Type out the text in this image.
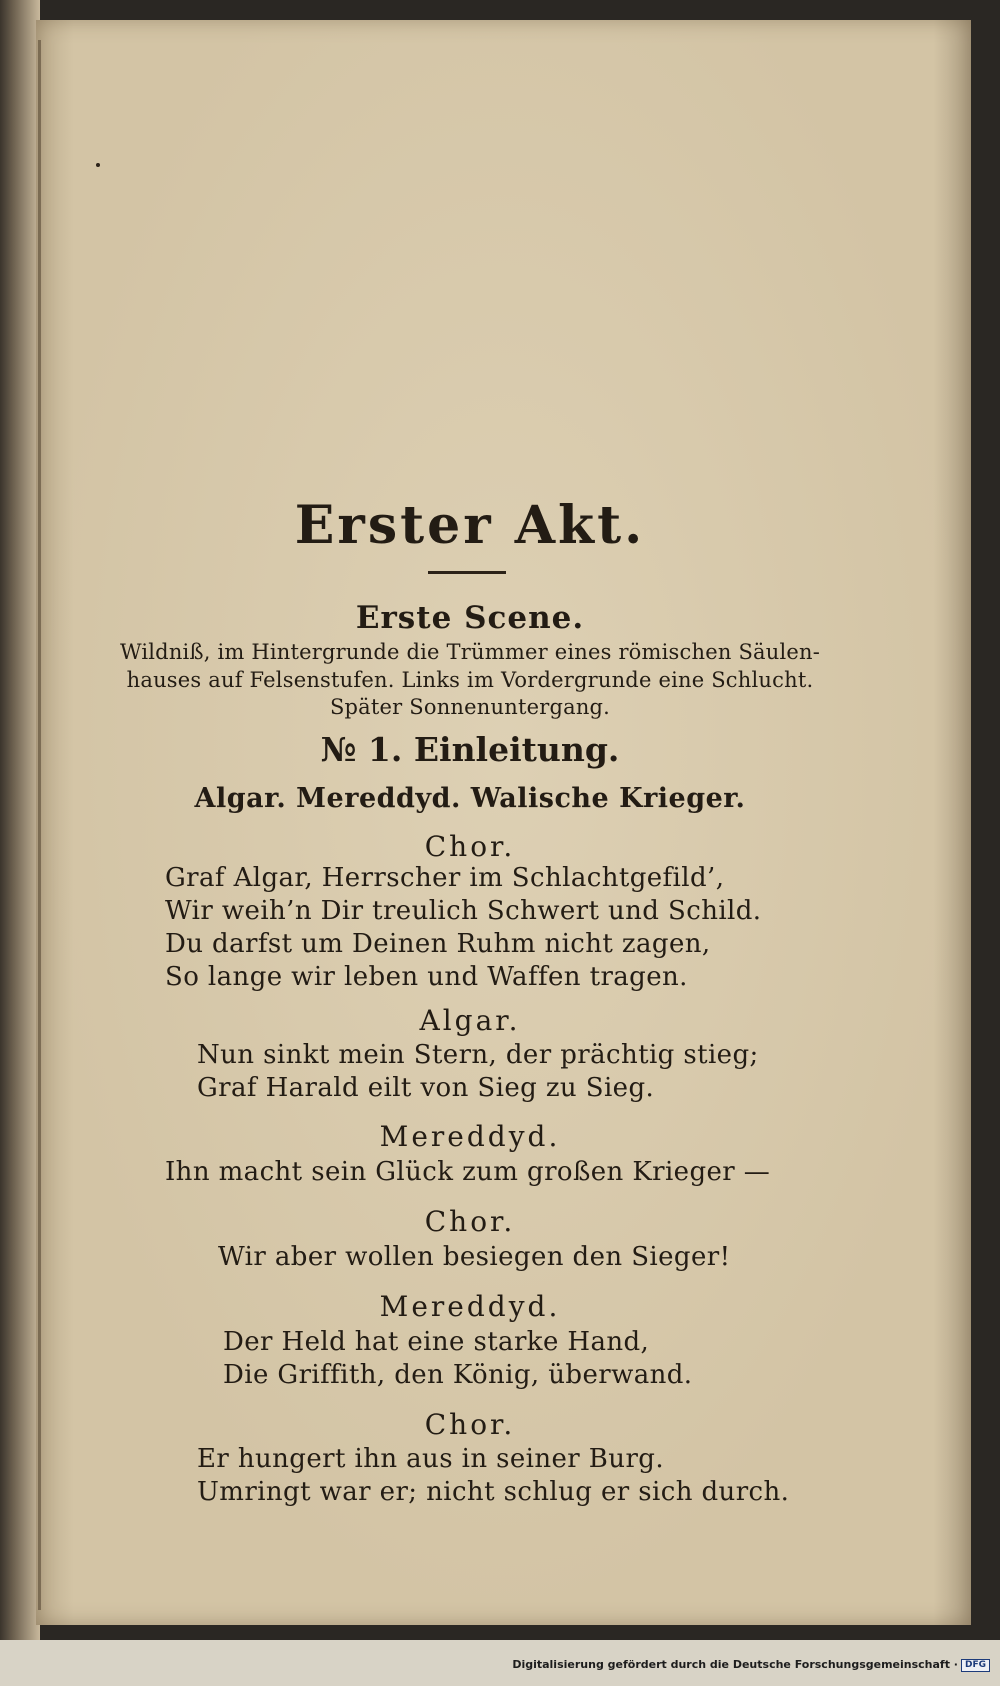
Erster Akt.
Erste Scene.
Wildniß, im Hintergrunde die Trümmer eines römischen Säulen-
hauses auf Felsenstufen. Links im Vordergrunde eine Schlucht.
Später Sonnenuntergang.
№ 1. Einleitung.
Algar. Mereddyd. Walische Krieger.
Chor.
Graf Algar, Herrscher im Schlachtgefild’,
Wir weih’n Dir treulich Schwert und Schild.
Du darfst um Deinen Ruhm nicht zagen,
So lange wir leben und Waffen tragen.
Algar.
Nun sinkt mein Stern, der prächtig stieg;
Graf Harald eilt von Sieg zu Sieg.
Mereddyd.
Ihn macht sein Glück zum großen Krieger —
Chor.
Wir aber wollen besiegen den Sieger!
Mereddyd.
Der Held hat eine starke Hand,
Die Griffith, den König, überwand.
Chor.
Er hungert ihn aus in seiner Burg.
Umringt war er; nicht schlug er sich durch.
Digitalisierung gefördert durch die Deutsche Forschungsgemeinschaft · DFG
